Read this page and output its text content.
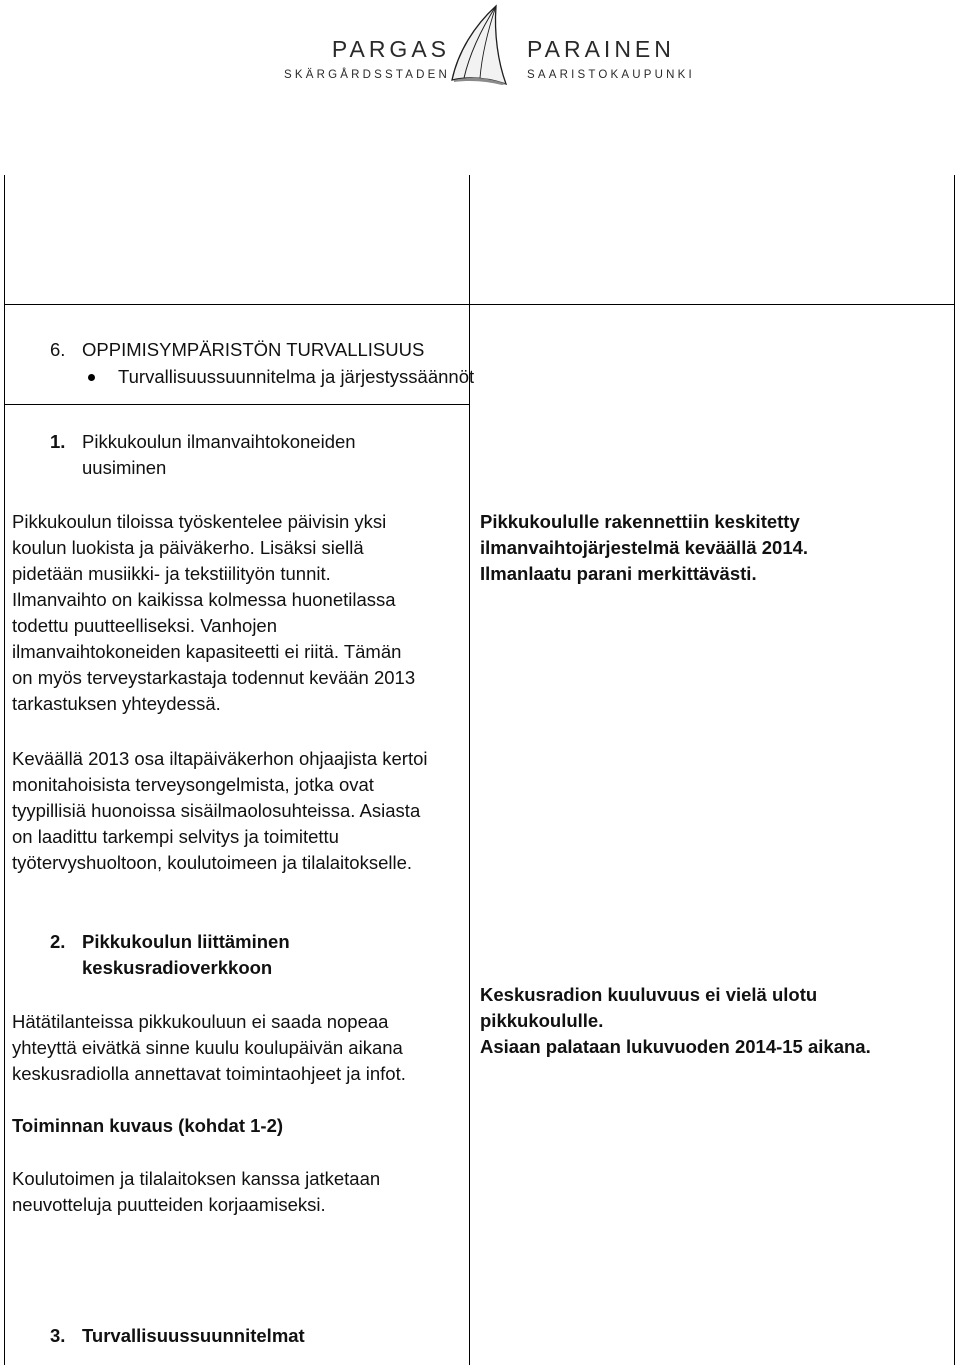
PARGAS
SKÄRGÅRDSSTADEN
PARAINEN
SAARISTOKAUPUNKI
6. OPPIMISYMPÄRISTÖN TURVALLISUUS
Turvallisuussuunnitelma ja järjestyssäännöt
1. Pikkukoulun ilmanvaihtokoneiden
uusiminen
Pikkukoulun tiloissa työskentelee päivisin yksi
koulun luokista ja päiväkerho. Lisäksi siellä
pidetään musiikki- ja tekstiilityön tunnit.
Ilmanvaihto on kaikissa kolmessa huonetilassa
todettu puutteelliseksi. Vanhojen
ilmanvaihtokoneiden kapasiteetti ei riitä. Tämän
on myös terveystarkastaja todennut kevään 2013
tarkastuksen yhteydessä.
Keväällä 2013 osa iltapäiväkerhon ohjaajista kertoi
monitahoisista terveysongelmista, jotka ovat
tyypillisiä huonoissa sisäilmaolosuhteissa. Asiasta
on laadittu tarkempi selvitys ja toimitettu
työtervyshuoltoon, koulutoimeen ja tilalaitokselle.
Pikkukoululle rakennettiin keskitetty
ilmanvaihtojärjestelmä keväällä 2014.
Ilmanlaatu parani merkittävästi.
2. Pikkukoulun liittäminen
keskusradioverkkoon
Hätätilanteissa pikkukouluun ei saada nopeaa
yhteyttä eivätkä sinne kuulu koulupäivän aikana
keskusradiolla annettavat toimintaohjeet ja infot.
Keskusradion kuuluvuus ei vielä ulotu
pikkukoululle.
Asiaan palataan lukuvuoden 2014-15 aikana.
Toiminnan kuvaus (kohdat 1-2)
Koulutoimen ja tilalaitoksen kanssa jatketaan
neuvotteluja puutteiden korjaamiseksi.
3. Turvallisuussuunnitelmat
